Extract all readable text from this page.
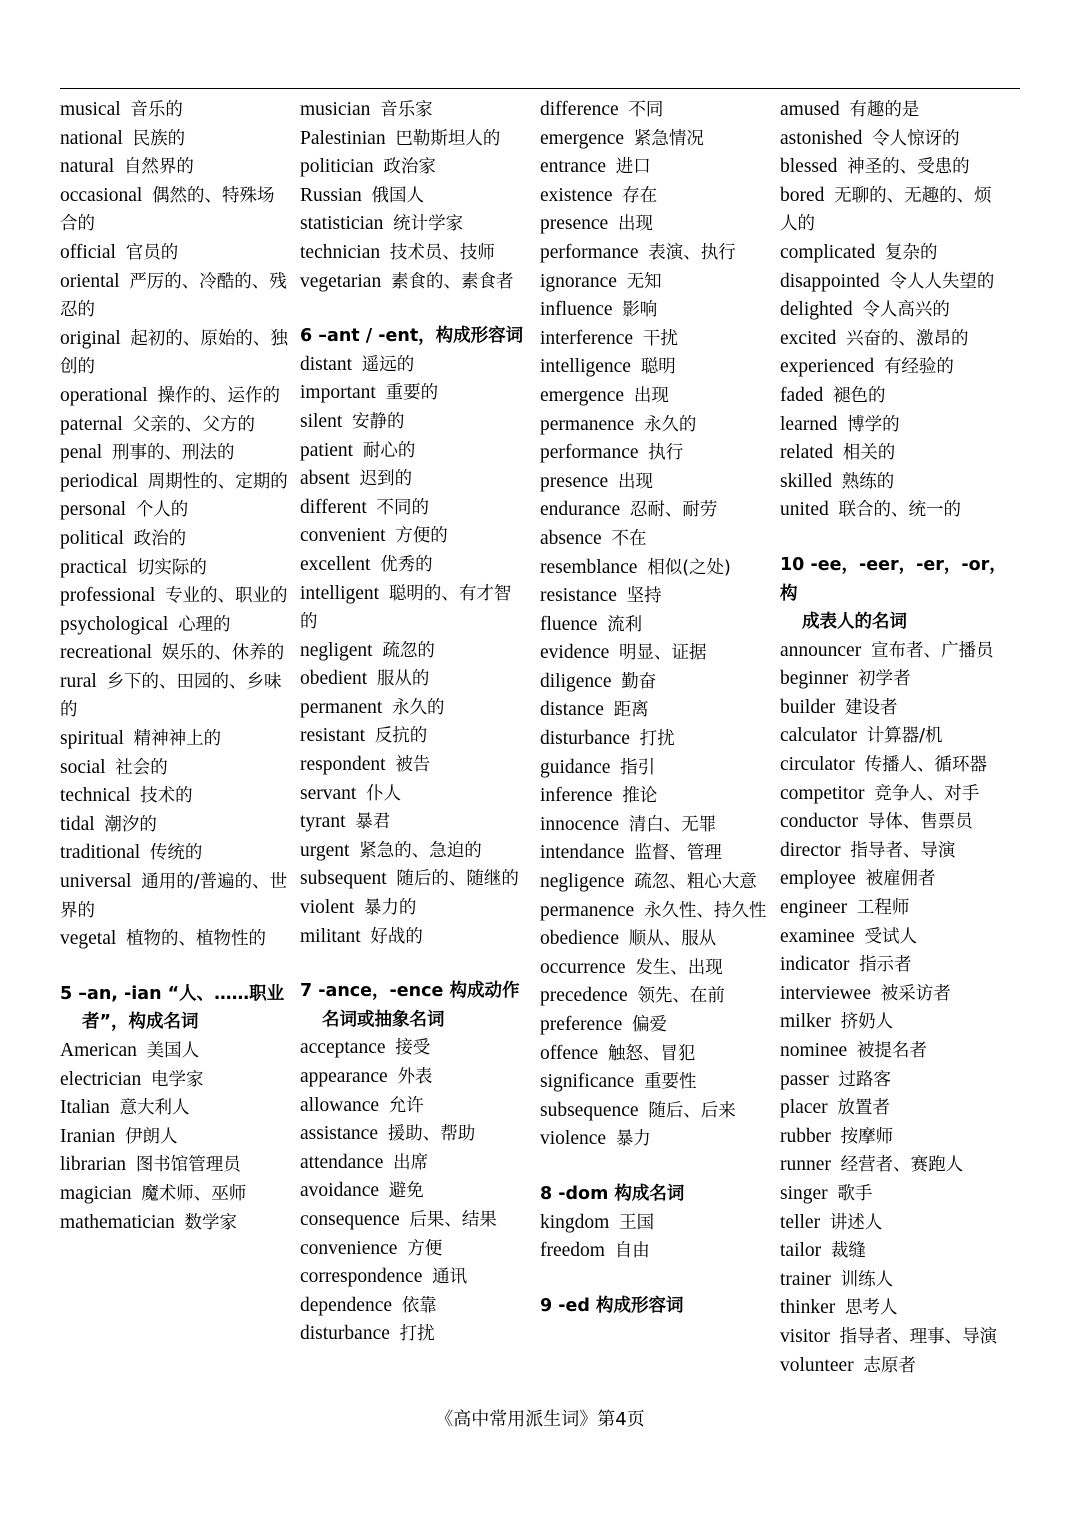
musical 音乐的
national 民族的
natural 自然界的
occasional 偶然的、特殊场合的
official 官员的
oriental 严厉的、冷酷的、残忍的
original 起初的、原始的、独创的
operational 操作的、运作的
paternal 父亲的、父方的
penal 刑事的、刑法的
periodical 周期性的、定期的
personal 个人的
political 政治的
practical 切实际的
professional 专业的、职业的
psychological 心理的
recreational 娱乐的、休养的
rural 乡下的、田园的、乡味的
spiritual 精神神上的
social 社会的
technical 技术的
tidal 潮汐的
traditional 传统的
universal 通用的/普遍的、世界的
vegetal 植物的、植物性的
5 –an, -ian “人、……职业
者”，构成名词
American 美国人
electrician 电学家
Italian 意大利人
Iranian 伊朗人
librarian 图书馆管理员
magician 魔术师、巫师
mathematician 数学家
musician 音乐家
Palestinian 巴勒斯坦人的
politician 政治家
Russian 俄国人
statistician 统计学家
technician 技术员、技师
vegetarian 素食的、素食者
6 –ant / -ent，构成形容词
distant 遥远的
important 重要的
silent 安静的
patient 耐心的
absent 迟到的
different 不同的
convenient 方便的
excellent 优秀的
intelligent 聪明的、有才智的
negligent 疏忽的
obedient 服从的
permanent 永久的
resistant 反抗的
respondent 被告
servant 仆人
tyrant 暴君
urgent 紧急的、急迫的
subsequent 随后的、随继的
violent 暴力的
militant 好战的
7 -ance，-ence 构成动作
名词或抽象名词
acceptance 接受
appearance 外表
allowance 允许
assistance 援助、帮助
attendance 出席
avoidance 避免
consequence 后果、结果
convenience 方便
correspondence 通讯
dependence 依靠
disturbance 打扰
difference 不同
emergence 紧急情况
entrance 进口
existence 存在
presence 出现
performance 表演、执行
ignorance 无知
influence 影响
interference 干扰
intelligence 聪明
emergence 出现
permanence 永久的
performance 执行
presence 出现
endurance 忍耐、耐劳
absence 不在
resemblance 相似(之处)
resistance 坚持
fluence 流利
evidence 明显、证据
diligence 勤奋
distance 距离
disturbance 打扰
guidance 指引
inference 推论
innocence 清白、无罪
intendance 监督、管理
negligence 疏忽、粗心大意
permanence 永久性、持久性
obedience 顺从、服从
occurrence 发生、出现
precedence 领先、在前
preference 偏爱
offence 触怒、冒犯
significance 重要性
subsequence 随后、后来
violence 暴力
8 -dom 构成名词
kingdom 王国
freedom 自由
9 -ed 构成形容词
amused 有趣的是
astonished 令人惊讶的
blessed 神圣的、受患的
bored 无聊的、无趣的、烦人的
complicated 复杂的
disappointed 令人人失望的
delighted 令人高兴的
excited 兴奋的、激昂的
experienced 有经验的
faded 褪色的
learned 博学的
related 相关的
skilled 熟练的
united 联合的、统一的
10 -ee，-eer，-er，-or，构
成表人的名词
announcer 宣布者、广播员
beginner 初学者
builder 建设者
calculator 计算器/机
circulator 传播人、循环器
competitor 竞争人、对手
conductor 导体、售票员
director 指导者、导演
employee 被雇佣者
engineer 工程师
examinee 受试人
indicator 指示者
interviewee 被采访者
milker 挤奶人
nominee 被提名者
passer 过路客
placer 放置者
rubber 按摩师
runner 经营者、赛跑人
singer 歌手
teller 讲述人
tailor 裁缝
trainer 训练人
thinker 思考人
visitor 指导者、理事、导演
volunteer 志原者
《高中常用派生词》第4页
